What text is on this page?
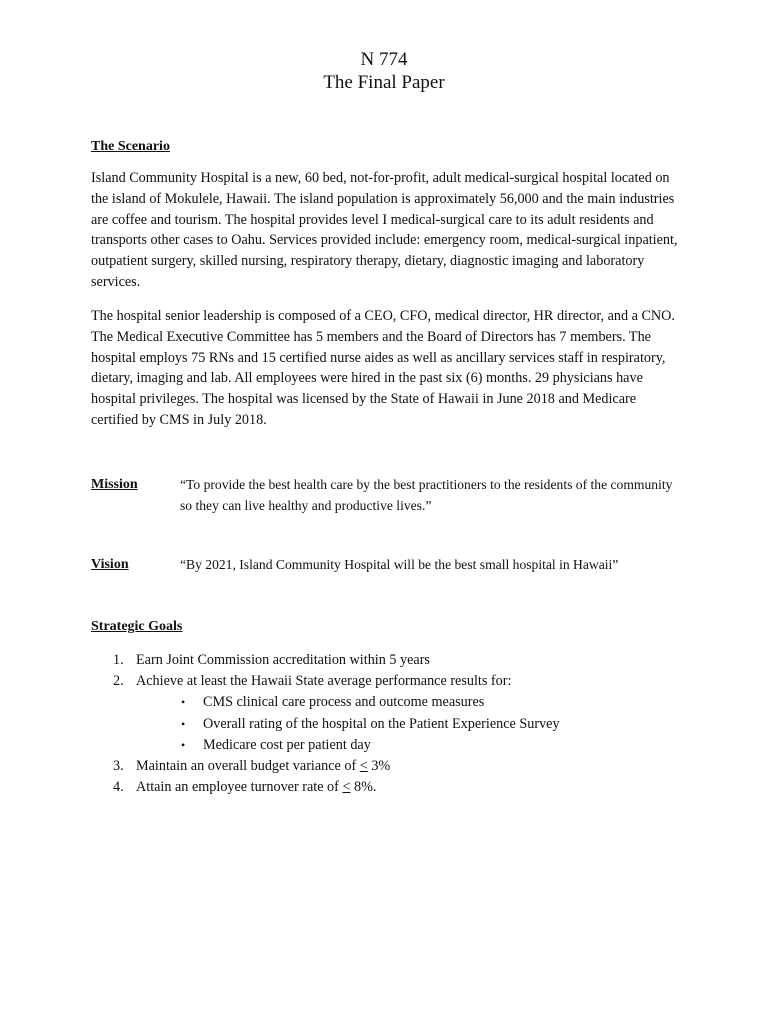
N 774
The Final Paper
The Scenario

Island Community Hospital is a new, 60 bed, not-for-profit, adult medical-surgical hospital located on the island of Mokulele, Hawaii. The island population is approximately 56,000 and the main industries are coffee and tourism. The hospital provides level I medical-surgical care to its adult residents and transports other cases to Oahu. Services provided include: emergency room, medical-surgical inpatient, outpatient surgery, skilled nursing, respiratory therapy, dietary, diagnostic imaging and laboratory services.

The hospital senior leadership is composed of a CEO, CFO, medical director, HR director, and a CNO. The Medical Executive Committee has 5 members and the Board of Directors has 7 members. The hospital employs 75 RNs and 15 certified nurse aides as well as ancillary services staff in respiratory, dietary, imaging and lab. All employees were hired in the past six (6) months. 29 physicians have hospital privileges. The hospital was licensed by the State of Hawaii in June 2018 and Medicare certified by CMS in July 2018.

Mission	“To provide the best health care by the best practitioners to the residents of the community so they can live healthy and productive lives.”
Vision	“By 2021, Island Community Hospital will be the best small hospital in Hawaii”
Strategic Goals
1. Earn Joint Commission accreditation within 5 years
2. Achieve at least the Hawaii State average performance results for:
• CMS clinical care process and outcome measures
• Overall rating of the hospital on the Patient Experience Survey
• Medicare cost per patient day
3. Maintain an overall budget variance of ≤ 3%
4. Attain an employee turnover rate of ≤ 8%.
